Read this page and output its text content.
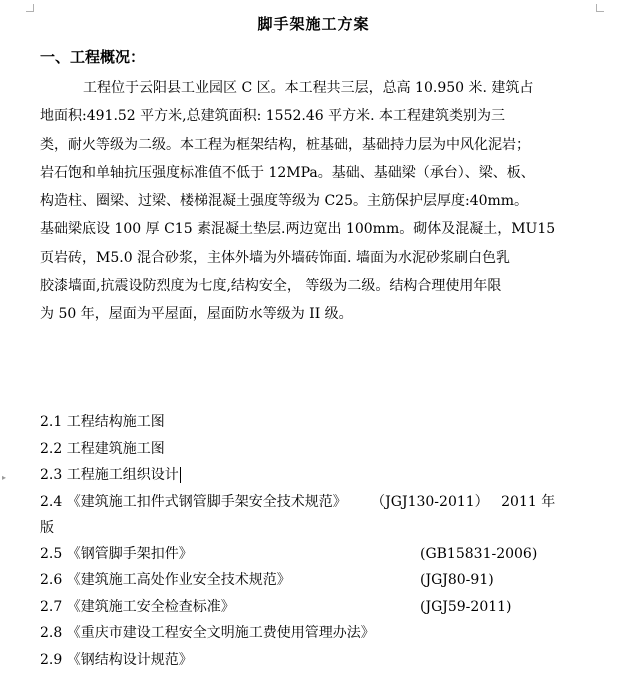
▸
脚手架施工方案
一、工程概况：
工程位于云阳县工业园区 C 区。本工程共三层，总高 10.950 米. 建筑占
地面积:491.52 平方米,总建筑面积: 1552.46 平方米. 本工程建筑类别为三
类，耐火等级为二级。本工程为框架结构，桩基础，基础持力层为中风化泥岩；
岩石饱和单轴抗压强度标准值不低于 12MPa。基础、基础梁（承台）、梁、板、
构造柱、圈梁、过梁、楼梯混凝土强度等级为 C25。主筋保护层厚度:40mm。
基础梁底设 100 厚 C15 素混凝土垫层.两边宽出 100mm。砌体及混凝土，MU15
页岩砖，M5.0 混合砂浆，主体外墙为外墙砖饰面. 墙面为水泥砂浆刷白色乳
胶漆墙面,抗震设防烈度为七度,结构安全， 等级为二级。结构合理使用年限
为 50 年，屋面为平屋面，屋面防水等级为 II 级。
2.1 工程结构施工图
2.2 工程建筑施工图
2.3 工程施工组织设计
2.4 《建筑施工扣件式钢管脚手架安全技术规范》 （JGJ130-2011） 2011 年
版
2.5 《钢管脚手架扣件》	(GB15831-2006)
2.6 《建筑施工高处作业安全技术规范》	(JGJ80-91)
2.7 《建筑施工安全检查标准》	(JGJ59-2011)
2.8 《重庆市建设工程安全文明施工费使用管理办法》
2.9 《钢结构设计规范》
